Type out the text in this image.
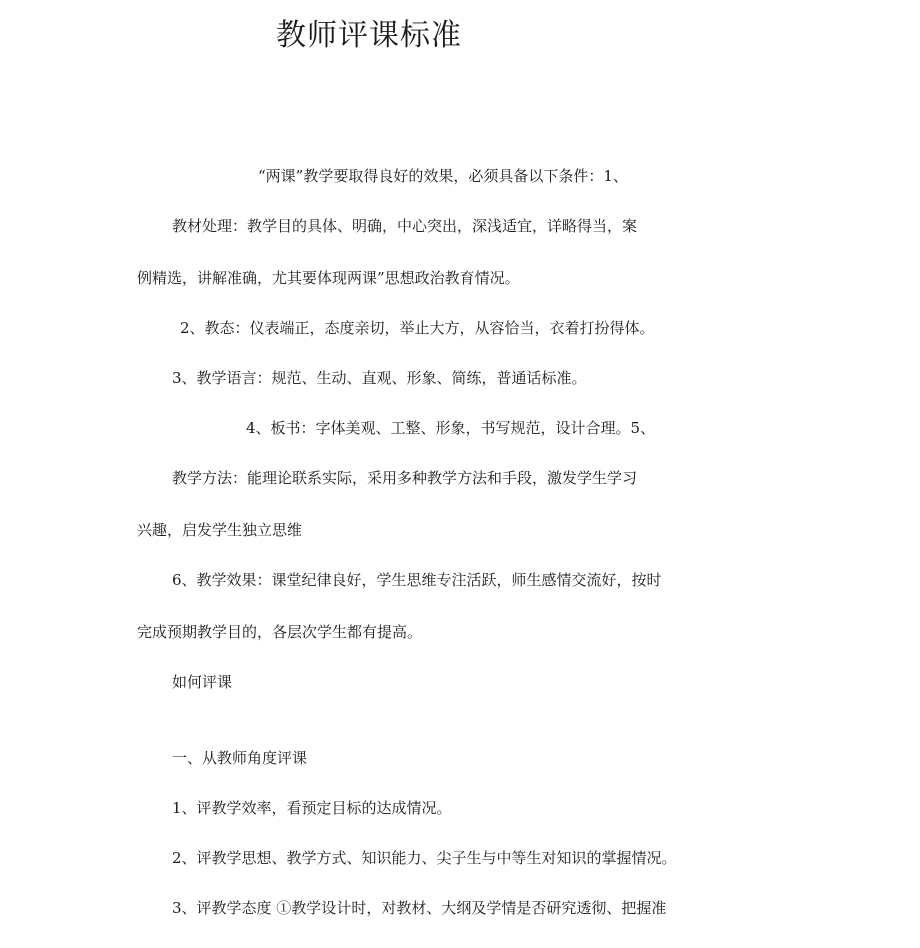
教师评课标准
“两课”教学要取得良好的效果，必须具备以下条件：1、
教材处理：教学目的具体、明确，中心突出，深浅适宜，详略得当，案
例精选，讲解准确，尤其要体现两课”思想政治教育情况。
2、教态：仪表端正，态度亲切，举止大方，从容恰当，衣着打扮得体。
3、教学语言：规范、生动、直观、形象、简练，普通话标准。
4、板书：字体美观、工整、形象，书写规范，设计合理。5、
教学方法：能理论联系实际，采用多种教学方法和手段，激发学生学习
兴趣，启发学生独立思维
6、教学效果：课堂纪律良好，学生思维专注活跃，师生感情交流好，按时
完成预期教学目的，各层次学生都有提高。
如何评课
一、从教师角度评课
1、评教学效率，看预定目标的达成情况。
2、评教学思想、教学方式、知识能力、尖子生与中等生对知识的掌握情况。
3、评教学态度 ①教学设计时，对教材、大纲及学情是否研究透彻、把握准
